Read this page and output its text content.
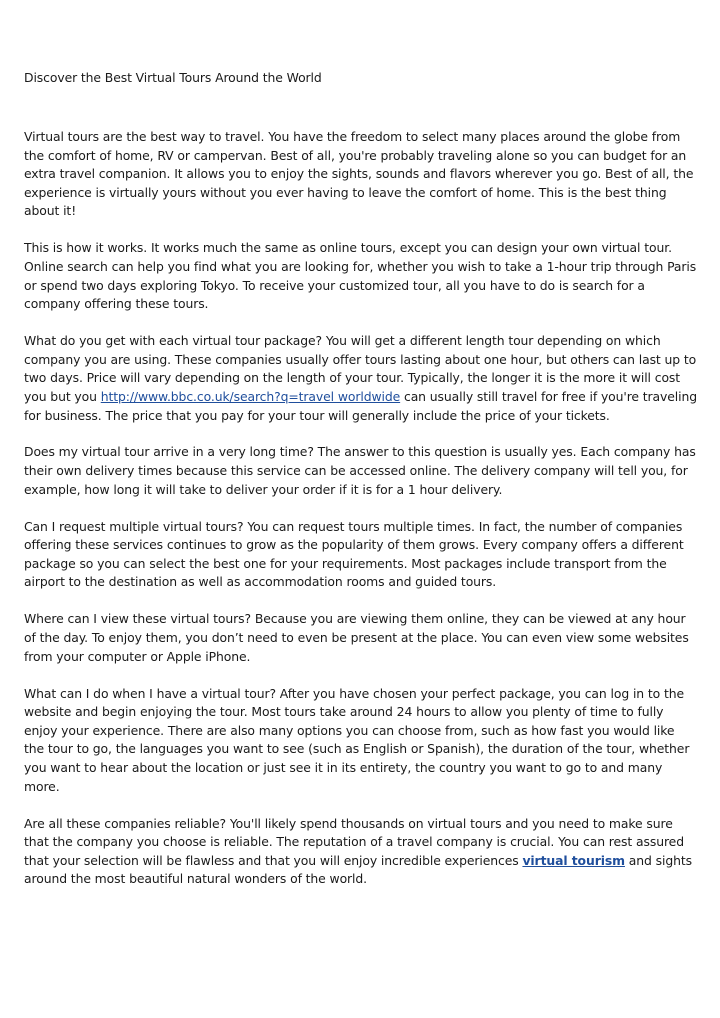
Discover the Best Virtual Tours Around the World

Virtual tours are the best way to travel. You have the freedom to select many places around the globe from the comfort of home, RV or campervan. Best of all, you're probably traveling alone so you can budget for an extra travel companion. It allows you to enjoy the sights, sounds and flavors wherever you go. Best of all, the experience is virtually yours without you ever having to leave the comfort of home. This is the best thing about it!

This is how it works. It works much the same as online tours, except you can design your own virtual tour. Online search can help you find what you are looking for, whether you wish to take a 1-hour trip through Paris or spend two days exploring Tokyo. To receive your customized tour, all you have to do is search for a company offering these tours.

What do you get with each virtual tour package? You will get a different length tour depending on which company you are using. These companies usually offer tours lasting about one hour, but others can last up to two days. Price will vary depending on the length of your tour. Typically, the longer it is the more it will cost you but you http://www.bbc.co.uk/search?q=travel worldwide can usually still travel for free if you're traveling for business. The price that you pay for your tour will generally include the price of your tickets.

Does my virtual tour arrive in a very long time? The answer to this question is usually yes. Each company has their own delivery times because this service can be accessed online. The delivery company will tell you, for example, how long it will take to deliver your order if it is for a 1 hour delivery.

Can I request multiple virtual tours? You can request tours multiple times. In fact, the number of companies offering these services continues to grow as the popularity of them grows. Every company offers a different package so you can select the best one for your requirements. Most packages include transport from the airport to the destination as well as accommodation rooms and guided tours.

Where can I view these virtual tours? Because you are viewing them online, they can be viewed at any hour of the day. To enjoy them, you don’t need to even be present at the place. You can even view some websites from your computer or Apple iPhone.

What can I do when I have a virtual tour? After you have chosen your perfect package, you can log in to the website and begin enjoying the tour. Most tours take around 24 hours to allow you plenty of time to fully enjoy your experience. There are also many options you can choose from, such as how fast you would like the tour to go, the languages you want to see (such as English or Spanish), the duration of the tour, whether you want to hear about the location or just see it in its entirety, the country you want to go to and many more.

Are all these companies reliable? You'll likely spend thousands on virtual tours and you need to make sure that the company you choose is reliable. The reputation of a travel company is crucial. You can rest assured that your selection will be flawless and that you will enjoy incredible experiences virtual tourism and sights around the most beautiful natural wonders of the world.
